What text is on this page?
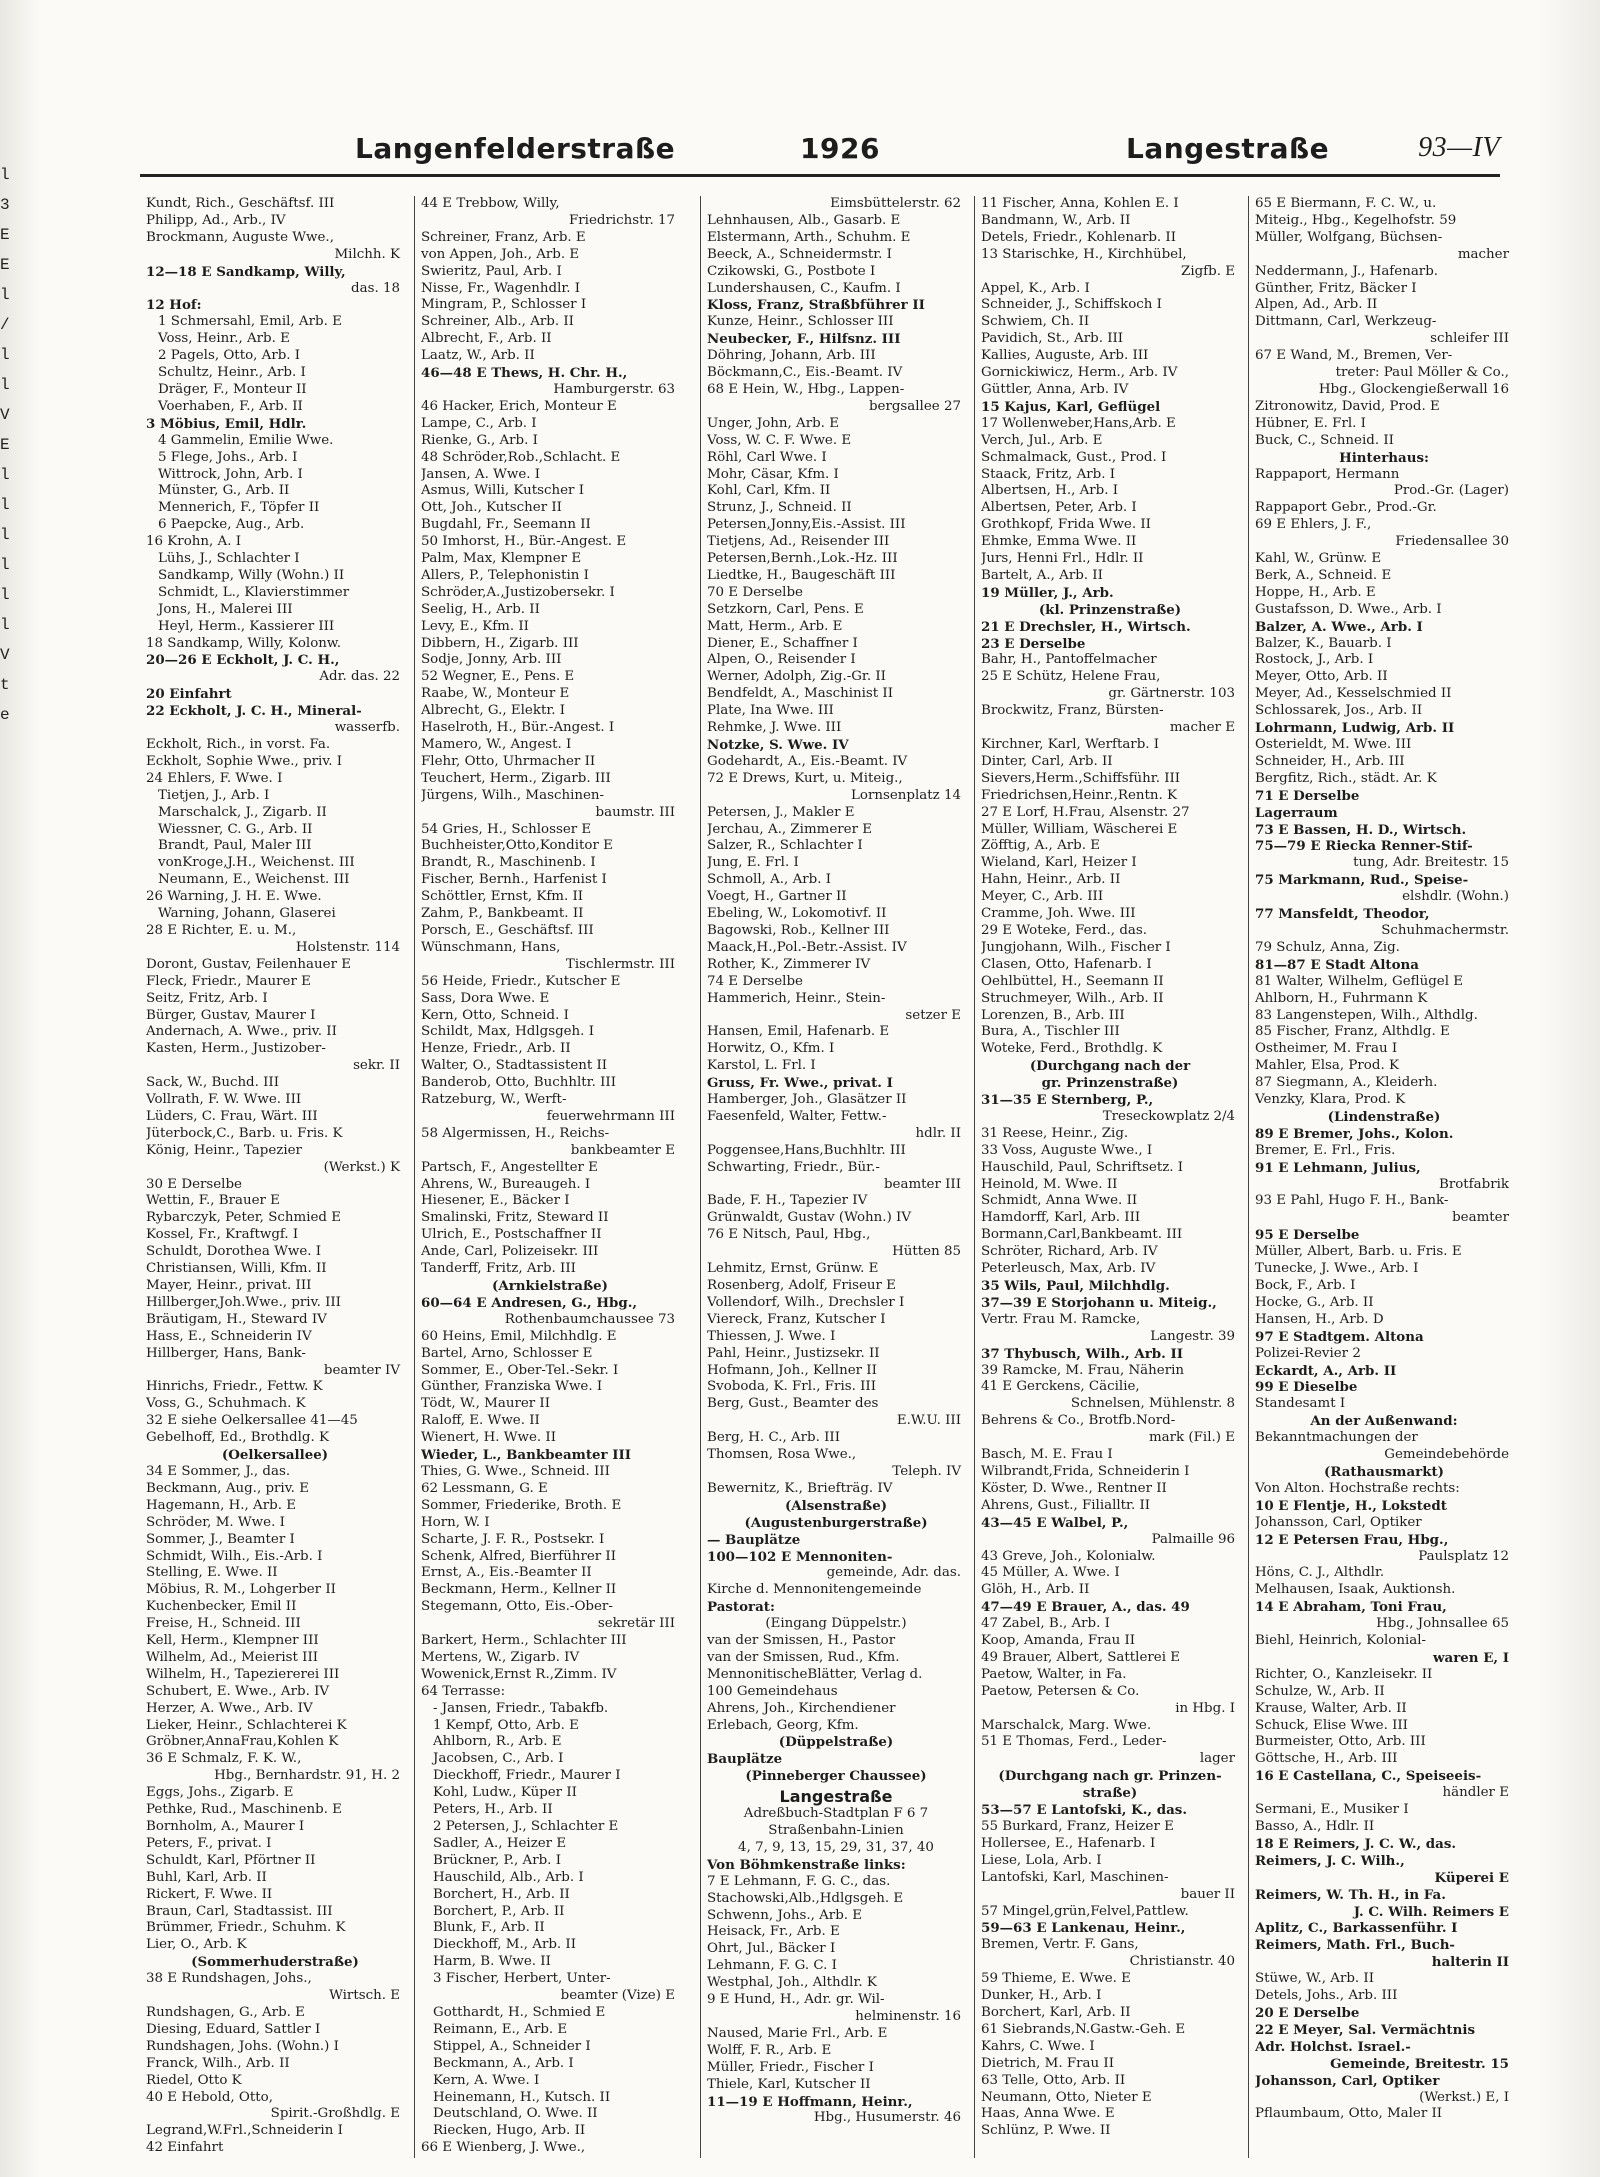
l
3
E
E
l
/
l
l
V
E
l
l
l
l
l
l
V
t
e
Langenfelderstraße	1926	Langestraße	93—IV
Kundt, Rich., Geschäftsf. III
Philipp, Ad., Arb., IV
Brockmann, Auguste Wwe.,
Milchh. K
12—18 E Sandkamp, Willy,
das. 18
12 Hof:
1 Schmersahl, Emil, Arb. E
Voss, Heinr., Arb. E
2 Pagels, Otto, Arb. I
Schultz, Heinr., Arb. I
Dräger, F., Monteur II
Voerhaben, F., Arb. II
3 Möbius, Emil, Hdlr.
4 Gammelin, Emilie Wwe.
5 Flege, Johs., Arb. I
Wittrock, John, Arb. I
Münster, G., Arb. II
Mennerich, F., Töpfer II
6 Paepcke, Aug., Arb.
16 Krohn, A. I
Lühs, J., Schlachter I
Sandkamp, Willy (Wohn.) II
Schmidt, L., Klavierstimmer
Jons, H., Malerei III
Heyl, Herm., Kassierer III
18 Sandkamp, Willy, Kolonw.
20—26 E Eckholt, J. C. H.,
Adr. das. 22
20 Einfahrt
22 Eckholt, J. C. H., Mineral-
wasserfb.
Eckholt, Rich., in vorst. Fa.
Eckholt, Sophie Wwe., priv. I
24 Ehlers, F. Wwe. I
Tietjen, J., Arb. I
Marschalck, J., Zigarb. II
Wiessner, C. G., Arb. II
Brandt, Paul, Maler III
vonKroge,J.H., Weichenst. III
Neumann, E., Weichenst. III
26 Warning, J. H. E. Wwe.
Warning, Johann, Glaserei
28 E Richter, E. u. M.,
Holstenstr. 114
Doront, Gustav, Feilenhauer E
Fleck, Friedr., Maurer E
Seitz, Fritz, Arb. I
Bürger, Gustav, Maurer I
Andernach, A. Wwe., priv. II
Kasten, Herm., Justizober-
sekr. II
Sack, W., Buchd. III
Vollrath, F. W. Wwe. III
Lüders, C. Frau, Wärt. III
Jüterbock,C., Barb. u. Fris. K
König, Heinr., Tapezier
(Werkst.) K
30 E Derselbe
Wettin, F., Brauer E
Rybarczyk, Peter, Schmied E
Kossel, Fr., Kraftwgf. I
Schuldt, Dorothea Wwe. I
Christiansen, Willi, Kfm. II
Mayer, Heinr., privat. III
Hillberger,Joh.Wwe., priv. III
Bräutigam, H., Steward IV
Hass, E., Schneiderin IV
Hillberger, Hans, Bank-
beamter IV
Hinrichs, Friedr., Fettw. K
Voss, G., Schuhmach. K
32 E siehe Oelkersallee 41—45
Gebelhoff, Ed., Brothdlg. K
(Oelkersallee)
34 E Sommer, J., das.
Beckmann, Aug., priv. E
Hagemann, H., Arb. E
Schröder, M. Wwe. I
Sommer, J., Beamter I
Schmidt, Wilh., Eis.-Arb. I
Stelling, E. Wwe. II
Möbius, R. M., Lohgerber II
Kuchenbecker, Emil II
Freise, H., Schneid. III
Kell, Herm., Klempner III
Wilhelm, Ad., Meierist III
Wilhelm, H., Tapeziererei III
Schubert, E. Wwe., Arb. IV
Herzer, A. Wwe., Arb. IV
Lieker, Heinr., Schlachterei K
Gröbner,AnnaFrau,Kohlen K
36 E Schmalz, F. K. W.,
Hbg., Bernhardstr. 91, H. 2
Eggs, Johs., Zigarb. E
Pethke, Rud., Maschinenb. E
Bornholm, A., Maurer I
Peters, F., privat. I
Schuldt, Karl, Pförtner II
Buhl, Karl, Arb. II
Rickert, F. Wwe. II
Braun, Carl, Stadtassist. III
Brümmer, Friedr., Schuhm. K
Lier, O., Arb. K
(Sommerhuderstraße)
38 E Rundshagen, Johs.,
Wirtsch. E
Rundshagen, G., Arb. E
Diesing, Eduard, Sattler I
Rundshagen, Johs. (Wohn.) I
Franck, Wilh., Arb. II
Riedel, Otto K
40 E Hebold, Otto,
Spirit.-Großhdlg. E
Legrand,W.Frl.,Schneiderin I
42 Einfahrt
44 E Trebbow, Willy,
Friedrichstr. 17
Schreiner, Franz, Arb. E
von Appen, Joh., Arb. E
Swieritz, Paul, Arb. I
Nisse, Fr., Wagenhdlr. I
Mingram, P., Schlosser I
Schreiner, Alb., Arb. II
Albrecht, F., Arb. II
Laatz, W., Arb. II
46—48 E Thews, H. Chr. H.,
Hamburgerstr. 63
46 Hacker, Erich, Monteur E
Lampe, C., Arb. I
Rienke, G., Arb. I
48 Schröder,Rob.,Schlacht. E
Jansen, A. Wwe. I
Asmus, Willi, Kutscher I
Ott, Joh., Kutscher II
Bugdahl, Fr., Seemann II
50 Imhorst, H., Bür.-Angest. E
Palm, Max, Klempner E
Allers, P., Telephonistin I
Schröder,A.,Justizobersekr. I
Seelig, H., Arb. II
Levy, E., Kfm. II
Dibbern, H., Zigarb. III
Sodje, Jonny, Arb. III
52 Wegner, E., Pens. E
Raabe, W., Monteur E
Albrecht, G., Elektr. I
Haselroth, H., Bür.-Angest. I
Mamero, W., Angest. I
Flehr, Otto, Uhrmacher II
Teuchert, Herm., Zigarb. III
Jürgens, Wilh., Maschinen-
baumstr. III
54 Gries, H., Schlosser E
Buchheister,Otto,Konditor E
Brandt, R., Maschinenb. I
Fischer, Bernh., Harfenist I
Schöttler, Ernst, Kfm. II
Zahm, P., Bankbeamt. II
Porsch, E., Geschäftsf. III
Wünschmann, Hans,
Tischlermstr. III
56 Heide, Friedr., Kutscher E
Sass, Dora Wwe. E
Kern, Otto, Schneid. I
Schildt, Max, Hdlgsgeh. I
Henze, Friedr., Arb. II
Walter, O., Stadtassistent II
Banderob, Otto, Buchhltr. III
Ratzeburg, W., Werft-
feuerwehrmann III
58 Algermissen, H., Reichs-
bankbeamter E
Partsch, F., Angestellter E
Ahrens, W., Bureaugeh. I
Hiesener, E., Bäcker I
Smalinski, Fritz, Steward II
Ulrich, E., Postschaffner II
Ande, Carl, Polizeisekr. III
Tanderff, Fritz, Arb. III
(Arnkielstraße)
60—64 E Andresen, G., Hbg.,
Rothenbaumchaussee 73
60 Heins, Emil, Milchhdlg. E
Bartel, Arno, Schlosser E
Sommer, E., Ober-Tel.-Sekr. I
Günther, Franziska Wwe. I
Tödt, W., Maurer II
Raloff, E. Wwe. II
Wienert, H. Wwe. II
Wieder, L., Bankbeamter III
Thies, G. Wwe., Schneid. III
62 Lessmann, G. E
Sommer, Friederike, Broth. E
Horn, W. I
Scharte, J. F. R., Postsekr. I
Schenk, Alfred, Bierführer II
Ernst, A., Eis.-Beamter II
Beckmann, Herm., Kellner II
Stegemann, Otto, Eis.-Ober-
sekretär III
Barkert, Herm., Schlachter III
Mertens, W., Zigarb. IV
Wowenick,Ernst R.,Zimm. IV
64 Terrasse:
- Jansen, Friedr., Tabakfb.
1 Kempf, Otto, Arb. E
Ahlborn, R., Arb. E
Jacobsen, C., Arb. I
Dieckhoff, Friedr., Maurer I
Kohl, Ludw., Küper II
Peters, H., Arb. II
2 Petersen, J., Schlachter E
Sadler, A., Heizer E
Brückner, P., Arb. I
Hauschild, Alb., Arb. I
Borchert, H., Arb. II
Borchert, P., Arb. II
Blunk, F., Arb. II
Dieckhoff, M., Arb. II
Harm, B. Wwe. II
3 Fischer, Herbert, Unter-
beamter (Vize) E
Gotthardt, H., Schmied E
Reimann, E., Arb. E
Stippel, A., Schneider I
Beckmann, A., Arb. I
Kern, A. Wwe. I
Heinemann, H., Kutsch. II
Deutschland, O. Wwe. II
Riecken, Hugo, Arb. II
66 E Wienberg, J. Wwe.,
Eimsbüttelerstr. 62
Lehnhausen, Alb., Gasarb. E
Elstermann, Arth., Schuhm. E
Beeck, A., Schneidermstr. I
Czikowski, G., Postbote I
Lundershausen, C., Kaufm. I
Kloss, Franz, Straßbführer II
Kunze, Heinr., Schlosser III
Neubecker, F., Hilfsnz. III
Döhring, Johann, Arb. III
Böckmann,C., Eis.-Beamt. IV
68 E Hein, W., Hbg., Lappen-
bergsallee 27
Unger, John, Arb. E
Voss, W. C. F. Wwe. E
Röhl, Carl Wwe. I
Mohr, Cäsar, Kfm. I
Kohl, Carl, Kfm. II
Strunz, J., Schneid. II
Petersen,Jonny,Eis.-Assist. III
Tietjens, Ad., Reisender III
Petersen,Bernh.,Lok.-Hz. III
Liedtke, H., Baugeschäft III
70 E Derselbe
Setzkorn, Carl, Pens. E
Matt, Herm., Arb. E
Diener, E., Schaffner I
Alpen, O., Reisender I
Werner, Adolph, Zig.-Gr. II
Bendfeldt, A., Maschinist II
Plate, Ina Wwe. III
Rehmke, J. Wwe. III
Notzke, S. Wwe. IV
Godehardt, A., Eis.-Beamt. IV
72 E Drews, Kurt, u. Miteig.,
Lornsenplatz 14
Petersen, J., Makler E
Jerchau, A., Zimmerer E
Salzer, R., Schlachter I
Jung, E. Frl. I
Schmoll, A., Arb. I
Voegt, H., Gartner II
Ebeling, W., Lokomotivf. II
Bagowski, Rob., Kellner III
Maack,H.,Pol.-Betr.-Assist. IV
Rother, K., Zimmerer IV
74 E Derselbe
Hammerich, Heinr., Stein-
setzer E
Hansen, Emil, Hafenarb. E
Horwitz, O., Kfm. I
Karstol, L. Frl. I
Gruss, Fr. Wwe., privat. I
Hamberger, Joh., Glasätzer II
Faesenfeld, Walter, Fettw.-
hdlr. II
Poggensee,Hans,Buchhltr. III
Schwarting, Friedr., Bür.-
beamter III
Bade, F. H., Tapezier IV
Grünwaldt, Gustav (Wohn.) IV
76 E Nitsch, Paul, Hbg.,
Hütten 85
Lehmitz, Ernst, Grünw. E
Rosenberg, Adolf, Friseur E
Vollendorf, Wilh., Drechsler I
Viereck, Franz, Kutscher I
Thiessen, J. Wwe. I
Pahl, Heinr., Justizsekr. II
Hofmann, Joh., Kellner II
Svoboda, K. Frl., Fris. III
Berg, Gust., Beamter des
E.W.U. III
Berg, H. C., Arb. III
Thomsen, Rosa Wwe.,
Teleph. IV
Bewernitz, K., Briefträg. IV
(Alsenstraße)
(Augustenburgerstraße)
— Bauplätze
100—102 E Mennoniten-
gemeinde, Adr. das.
Kirche d. Mennonitengemeinde
Pastorat:
(Eingang Düppelstr.)
van der Smissen, H., Pastor
van der Smissen, Rud., Kfm.
MennonitischeBlätter, Verlag d.
100 Gemeindehaus
Ahrens, Joh., Kirchendiener
Erlebach, Georg, Kfm.
(Düppelstraße)
Bauplätze
(Pinneberger Chaussee)
Langestraße
Adreßbuch-Stadtplan F 6 7
Straßenbahn-Linien
4, 7, 9, 13, 15, 29, 31, 37, 40
Von Böhmkenstraße links:
7 E Lehmann, F. G. C., das.
Stachowski,Alb.,Hdlgsgeh. E
Schwenn, Johs., Arb. E
Heisack, Fr., Arb. E
Ohrt, Jul., Bäcker I
Lehmann, F. G. C. I
Westphal, Joh., Althdlr. K
9 E Hund, H., Adr. gr. Wil-
helminenstr. 16
Naused, Marie Frl., Arb. E
Wolff, F. R., Arb. E
Müller, Friedr., Fischer I
Thiele, Karl, Kutscher II
11—19 E Hoffmann, Heinr.,
Hbg., Husumerstr. 46
11 Fischer, Anna, Kohlen E. I
Bandmann, W., Arb. II
Detels, Friedr., Kohlenarb. II
13 Starischke, H., Kirchhübel,
Zigfb. E
Appel, K., Arb. I
Schneider, J., Schiffskoch I
Schwiem, Ch. II
Pavidich, St., Arb. III
Kallies, Auguste, Arb. III
Gornickiwicz, Herm., Arb. IV
Güttler, Anna, Arb. IV
15 Kajus, Karl, Geflügel
17 Wollenweber,Hans,Arb. E
Verch, Jul., Arb. E
Schmalmack, Gust., Prod. I
Staack, Fritz, Arb. I
Albertsen, H., Arb. I
Albertsen, Peter, Arb. I
Grothkopf, Frida Wwe. II
Ehmke, Emma Wwe. II
Jurs, Henni Frl., Hdlr. II
Bartelt, A., Arb. II
19 Müller, J., Arb.
(kl. Prinzenstraße)
21 E Drechsler, H., Wirtsch.
23 E Derselbe
Bahr, H., Pantoffelmacher
25 E Schütz, Helene Frau,
gr. Gärtnerstr. 103
Brockwitz, Franz, Bürsten-
macher E
Kirchner, Karl, Werftarb. I
Dinter, Carl, Arb. II
Sievers,Herm.,Schiffsführ. III
Friedrichsen,Heinr.,Rentn. K
27 E Lorf, H.Frau, Alsenstr. 27
Müller, William, Wäscherei E
Zöfftig, A., Arb. E
Wieland, Karl, Heizer I
Hahn, Heinr., Arb. II
Meyer, C., Arb. III
Cramme, Joh. Wwe. III
29 E Woteke, Ferd., das.
Jungjohann, Wilh., Fischer I
Clasen, Otto, Hafenarb. I
Oehlbüttel, H., Seemann II
Struchmeyer, Wilh., Arb. II
Lorenzen, B., Arb. III
Bura, A., Tischler III
Woteke, Ferd., Brothdlg. K
(Durchgang nach der
gr. Prinzenstraße)
31—35 E Sternberg, P.,
Treseckowplatz 2/4
31 Reese, Heinr., Zig.
33 Voss, Auguste Wwe., I
Hauschild, Paul, Schriftsetz. I
Heinold, M. Wwe. II
Schmidt, Anna Wwe. II
Hamdorff, Karl, Arb. III
Bormann,Carl,Bankbeamt. III
Schröter, Richard, Arb. IV
Peterleusch, Max, Arb. IV
35 Wils, Paul, Milchhdlg.
37—39 E Storjohann u. Miteig.,
Vertr. Frau M. Ramcke,
Langestr. 39
37 Thybusch, Wilh., Arb. II
39 Ramcke, M. Frau, Näherin
41 E Gerckens, Cäcilie,
Schnelsen, Mühlenstr. 8
Behrens & Co., Brotfb.Nord-
mark (Fil.) E
Basch, M. E. Frau I
Wilbrandt,Frida, Schneiderin I
Köster, D. Wwe., Rentner II
Ahrens, Gust., Filialltr. II
43—45 E Walbel, P.,
Palmaille 96
43 Greve, Joh., Kolonialw.
45 Müller, A. Wwe. I
Glöh, H., Arb. II
47—49 E Brauer, A., das. 49
47 Zabel, B., Arb. I
Koop, Amanda, Frau II
49 Brauer, Albert, Sattlerei E
Paetow, Walter, in Fa.
Paetow, Petersen & Co.
in Hbg. I
Marschalck, Marg. Wwe.
51 E Thomas, Ferd., Leder-
lager
(Durchgang nach gr. Prinzen-
straße)
53—57 E Lantofski, K., das.
55 Burkard, Franz, Heizer E
Hollersee, E., Hafenarb. I
Liese, Lola, Arb. I
Lantofski, Karl, Maschinen-
bauer II
57 Mingel,grün,Felvel,Pattlew.
59—63 E Lankenau, Heinr.,
Bremen, Vertr. F. Gans,
Christianstr. 40
59 Thieme, E. Wwe. E
Dunker, H., Arb. I
Borchert, Karl, Arb. II
61 Siebrands,N.Gastw.-Geh. E
Kahrs, C. Wwe. I
Dietrich, M. Frau II
63 Telle, Otto, Arb. II
Neumann, Otto, Nieter E
Haas, Anna Wwe. E
Schlünz, P. Wwe. II
65 E Biermann, F. C. W., u.
Miteig., Hbg., Kegelhofstr. 59
Müller, Wolfgang, Büchsen-
macher
Neddermann, J., Hafenarb.
Günther, Fritz, Bäcker I
Alpen, Ad., Arb. II
Dittmann, Carl, Werkzeug-
schleifer III
67 E Wand, M., Bremen, Ver-
treter: Paul Möller & Co.,
Hbg., Glockengießerwall 16
Zitronowitz, David, Prod. E
Hübner, E. Frl. I
Buck, C., Schneid. II
Hinterhaus:
Rappaport, Hermann
Prod.-Gr. (Lager)
Rappaport Gebr., Prod.-Gr.
69 E Ehlers, J. F.,
Friedensallee 30
Kahl, W., Grünw. E
Berk, A., Schneid. E
Hoppe, H., Arb. E
Gustafsson, D. Wwe., Arb. I
Balzer, A. Wwe., Arb. I
Balzer, K., Bauarb. I
Rostock, J., Arb. I
Meyer, Otto, Arb. II
Meyer, Ad., Kesselschmied II
Schlossarek, Jos., Arb. II
Lohrmann, Ludwig, Arb. II
Osterieldt, M. Wwe. III
Schneider, H., Arb. III
Bergfitz, Rich., städt. Ar. K
71 E Derselbe
Lagerraum
73 E Bassen, H. D., Wirtsch.
75—79 E Riecka Renner-Stif-
tung, Adr. Breitestr. 15
75 Markmann, Rud., Speise-
elshdlr. (Wohn.)
77 Mansfeldt, Theodor,
Schuhmachermstr.
79 Schulz, Anna, Zig.
81—87 E Stadt Altona
81 Walter, Wilhelm, Geflügel E
Ahlborn, H., Fuhrmann K
83 Langenstepen, Wilh., Althdlg.
85 Fischer, Franz, Althdlg. E
Ostheimer, M. Frau I
Mahler, Elsa, Prod. K
87 Siegmann, A., Kleiderh.
Venzky, Klara, Prod. K
(Lindenstraße)
89 E Bremer, Johs., Kolon.
Bremer, E. Frl., Fris.
91 E Lehmann, Julius,
Brotfabrik
93 E Pahl, Hugo F. H., Bank-
beamter
95 E Derselbe
Müller, Albert, Barb. u. Fris. E
Tunecke, J. Wwe., Arb. I
Bock, F., Arb. I
Hocke, G., Arb. II
Hansen, H., Arb. D
97 E Stadtgem. Altona
Polizei-Revier 2
Eckardt, A., Arb. II
99 E Dieselbe
Standesamt I
An der Außenwand:
Bekanntmachungen der
Gemeindebehörde
(Rathausmarkt)
Von Alton. Hochstraße rechts:
10 E Flentje, H., Lokstedt
Johansson, Carl, Optiker
12 E Petersen Frau, Hbg.,
Paulsplatz 12
Höns, C. J., Althdlr.
Melhausen, Isaak, Auktionsh.
14 E Abraham, Toni Frau,
Hbg., Johnsallee 65
Biehl, Heinrich, Kolonial-
waren E, I
Richter, O., Kanzleisekr. II
Schulze, W., Arb. II
Krause, Walter, Arb. II
Schuck, Elise Wwe. III
Burmeister, Otto, Arb. III
Göttsche, H., Arb. III
16 E Castellana, C., Speiseeis-
händler E
Sermani, E., Musiker I
Basso, A., Hdlr. II
18 E Reimers, J. C. W., das.
Reimers, J. C. Wilh.,
Küperei E
Reimers, W. Th. H., in Fa.
J. C. Wilh. Reimers E
Aplitz, C., Barkassenführ. I
Reimers, Math. Frl., Buch-
halterin II
Stüwe, W., Arb. II
Detels, Johs., Arb. III
20 E Derselbe
22 E Meyer, Sal. Vermächtnis
Adr. Holchst. Israel.-
Gemeinde, Breitestr. 15
Johansson, Carl, Optiker
(Werkst.) E, I
Pflaumbaum, Otto, Maler II
